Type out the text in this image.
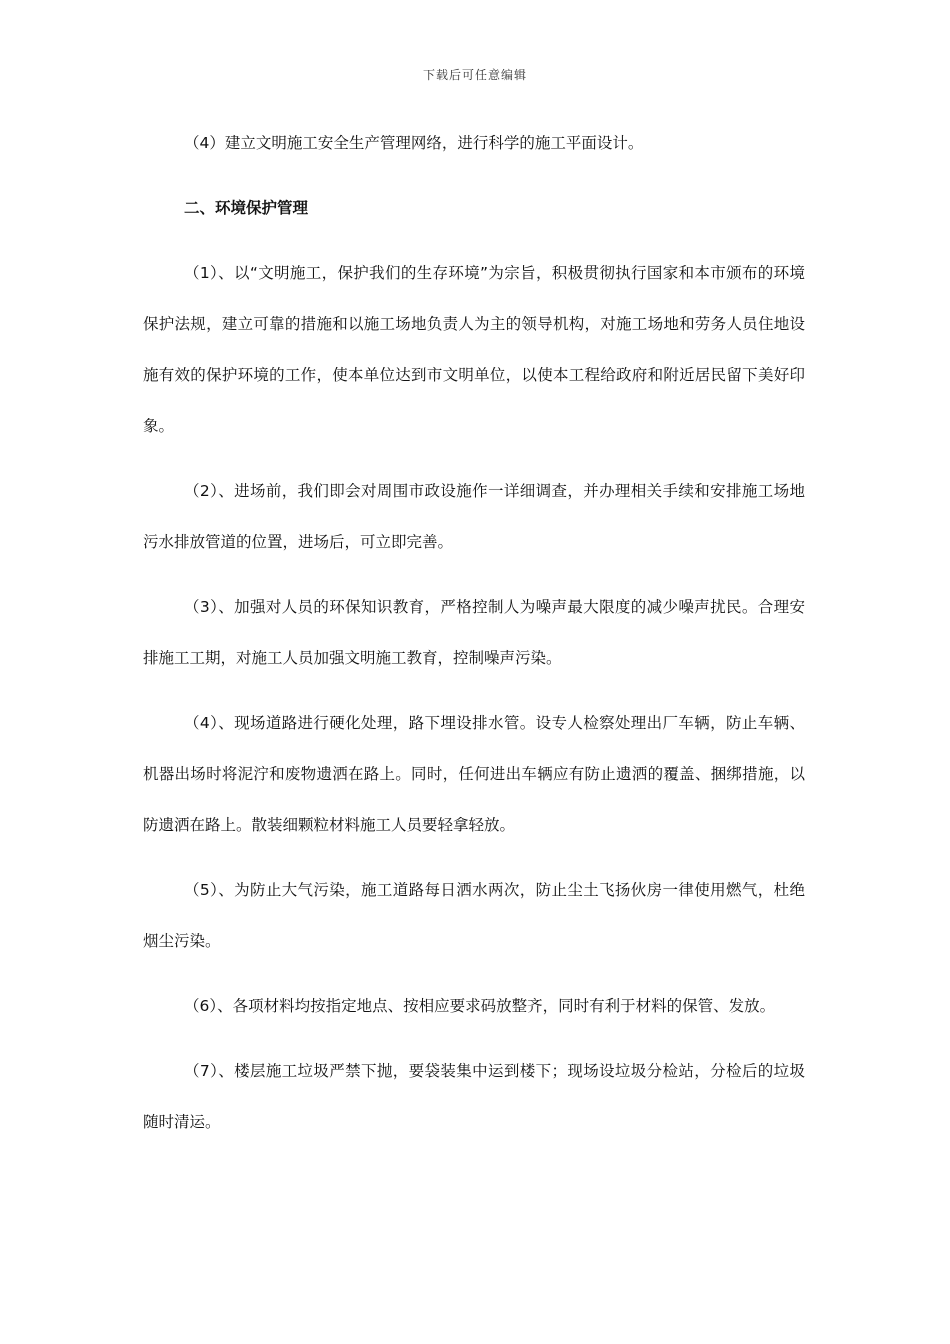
下载后可任意编辑

（4）建立文明施工安全生产管理网络，进行科学的施工平面设计。

二、环境保护管理

（1）、以“文明施工，保护我们的生存环境”为宗旨，积极贯彻执行国家和本市颁布的环境保护法规，建立可靠的措施和以施工场地负责人为主的领导机构，对施工场地和劳务人员住地设施有效的保护环境的工作，使本单位达到市文明单位，以使本工程给政府和附近居民留下美好印象。

（2）、进场前，我们即会对周围市政设施作一详细调查，并办理相关手续和安排施工场地污水排放管道的位置，进场后，可立即完善。

（3）、加强对人员的环保知识教育，严格控制人为噪声最大限度的减少噪声扰民。合理安排施工工期，对施工人员加强文明施工教育，控制噪声污染。

（4）、现场道路进行硬化处理，路下埋设排水管。设专人检察处理出厂车辆，防止车辆、机器出场时将泥泞和废物遗洒在路上。同时，任何进出车辆应有防止遗洒的覆盖、捆绑措施，以防遗洒在路上。散装细颗粒材料施工人员要轻拿轻放。

（5）、为防止大气污染，施工道路每日洒水两次，防止尘土飞扬伙房一律使用燃气，杜绝烟尘污染。

（6）、各项材料均按指定地点、按相应要求码放整齐，同时有利于材料的保管、发放。

（7）、楼层施工垃圾严禁下抛，要袋装集中运到楼下；现场设垃圾分检站，分检后的垃圾随时清运。
